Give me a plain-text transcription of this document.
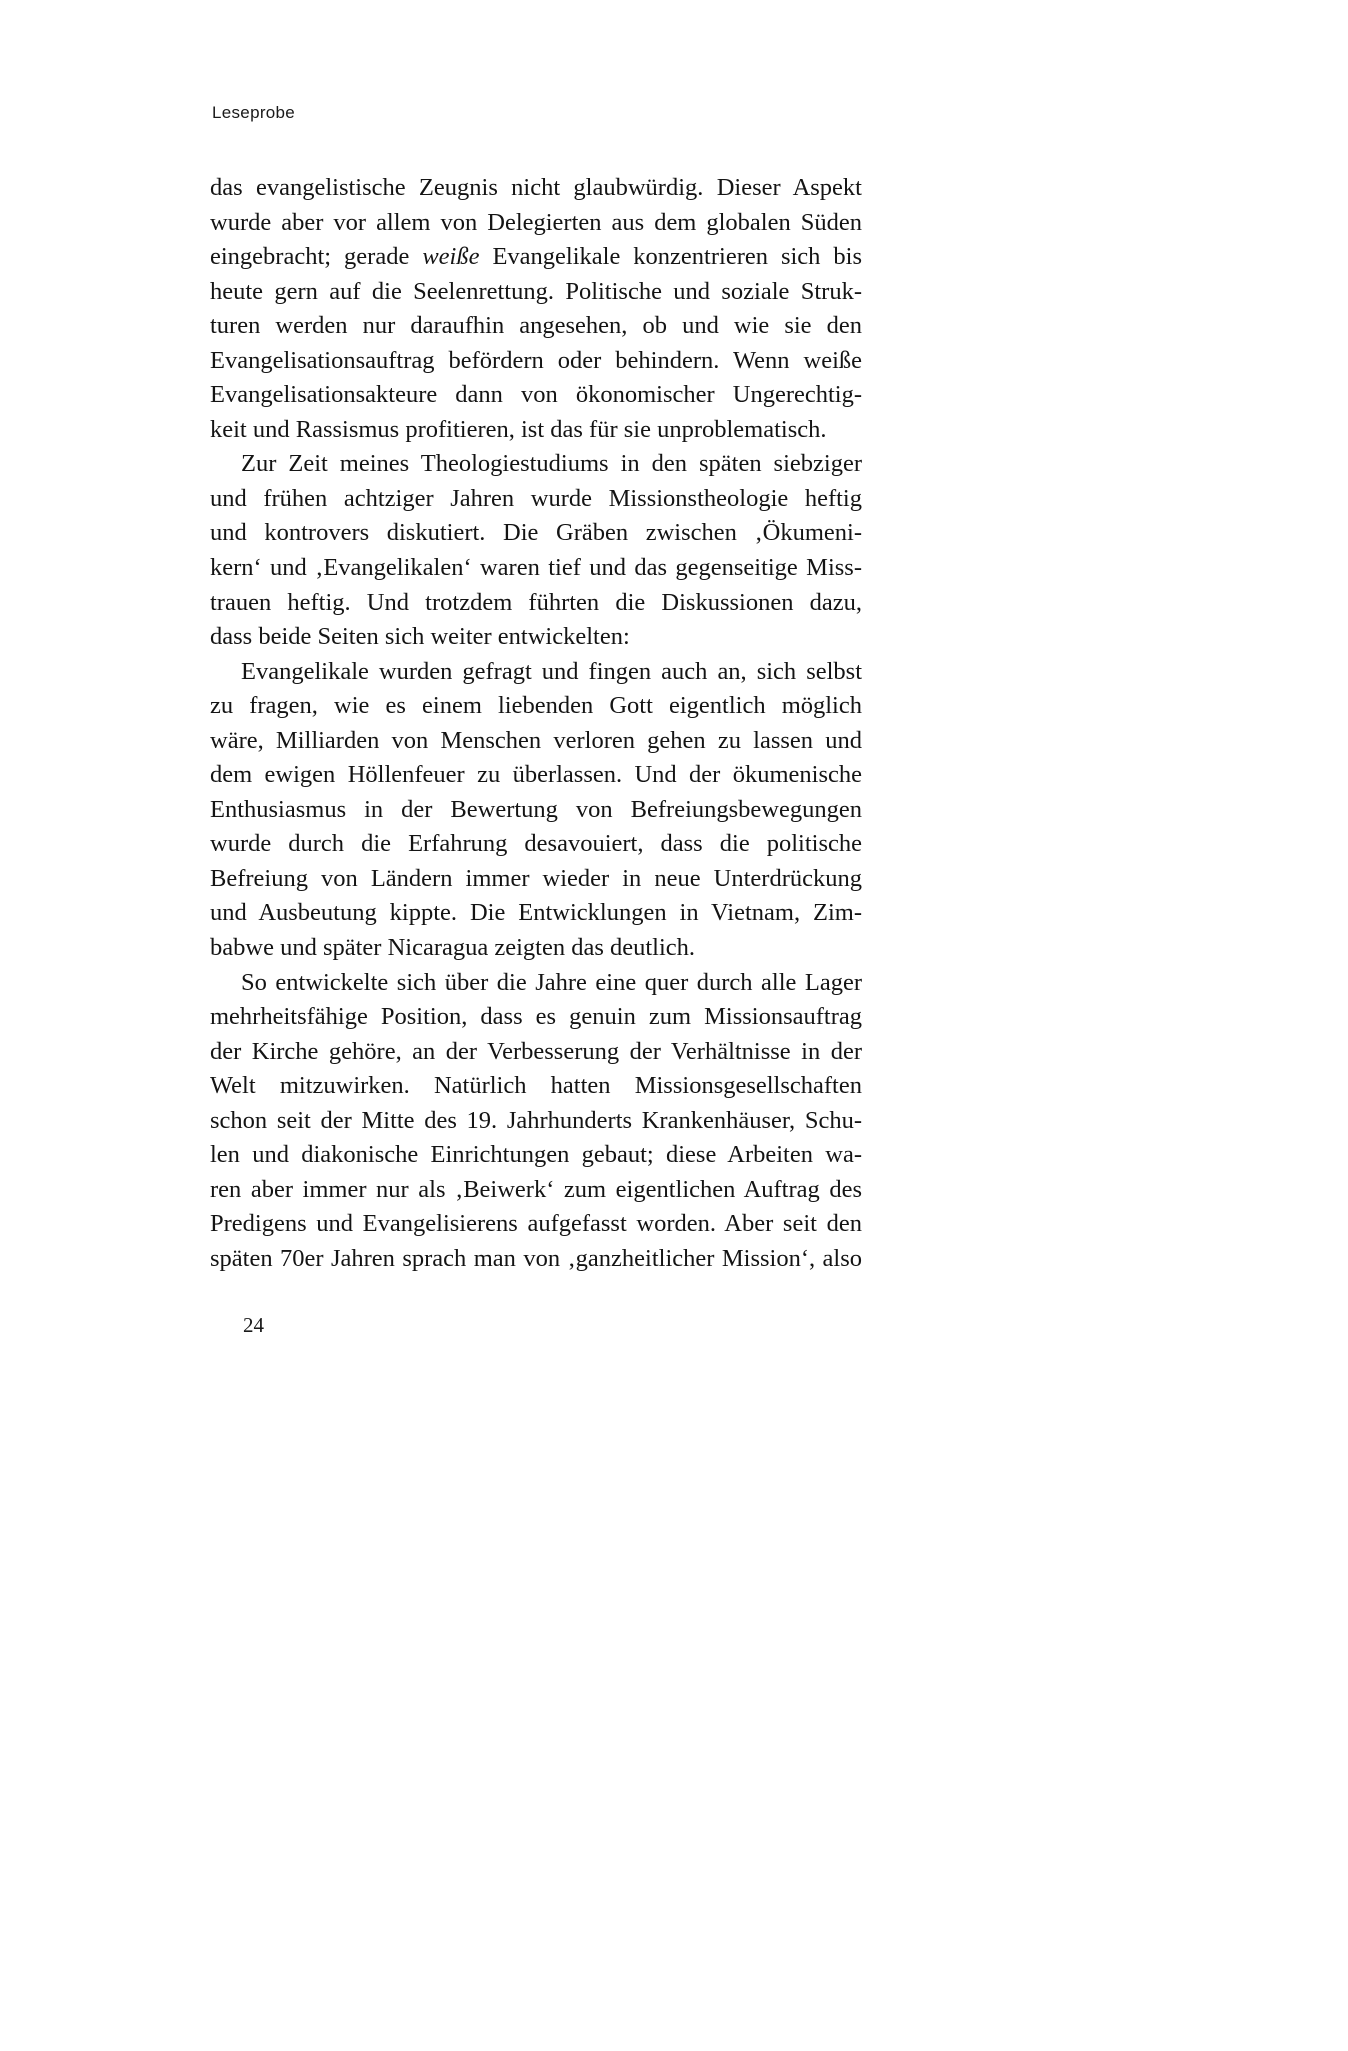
Leseprobe
das evangelistische Zeugnis nicht glaubwürdig. Dieser Aspekt
wurde aber vor allem von Delegierten aus dem globalen Süden
eingebracht; gerade weiße Evangelikale konzentrieren sich bis
heute gern auf die Seelenrettung. Politische und soziale Struk-
turen werden nur daraufhin angesehen, ob und wie sie den
Evangelisationsauftrag befördern oder behindern. Wenn weiße
Evangelisationsakteure dann von ökonomischer Ungerechtig-
keit und Rassismus profitieren, ist das für sie unproblematisch.
Zur Zeit meines Theologiestudiums in den späten siebziger
und frühen achtziger Jahren wurde Missionstheologie heftig
und kontrovers diskutiert. Die Gräben zwischen ‚Ökumeni-
kern‘ und ‚Evangelikalen‘ waren tief und das gegenseitige Miss-
trauen heftig. Und trotzdem führten die Diskussionen dazu,
dass beide Seiten sich weiter entwickelten:
Evangelikale wurden gefragt und fingen auch an, sich selbst
zu fragen, wie es einem liebenden Gott eigentlich möglich
wäre, Milliarden von Menschen verloren gehen zu lassen und
dem ewigen Höllenfeuer zu überlassen. Und der ökumenische
Enthusiasmus in der Bewertung von Befreiungsbewegungen
wurde durch die Erfahrung desavouiert, dass die politische
Befreiung von Ländern immer wieder in neue Unterdrückung
und Ausbeutung kippte. Die Entwicklungen in Vietnam, Zim-
babwe und später Nicaragua zeigten das deutlich.
So entwickelte sich über die Jahre eine quer durch alle Lager
mehrheitsfähige Position, dass es genuin zum Missionsauftrag
der Kirche gehöre, an der Verbesserung der Verhältnisse in der
Welt mitzuwirken. Natürlich hatten Missionsgesellschaften
schon seit der Mitte des 19. Jahrhunderts Krankenhäuser, Schu-
len und diakonische Einrichtungen gebaut; diese Arbeiten wa-
ren aber immer nur als ‚Beiwerk‘ zum eigentlichen Auftrag des
Predigens und Evangelisierens aufgefasst worden. Aber seit den
späten 70er Jahren sprach man von ‚ganzheitlicher Mission‘, also
24
